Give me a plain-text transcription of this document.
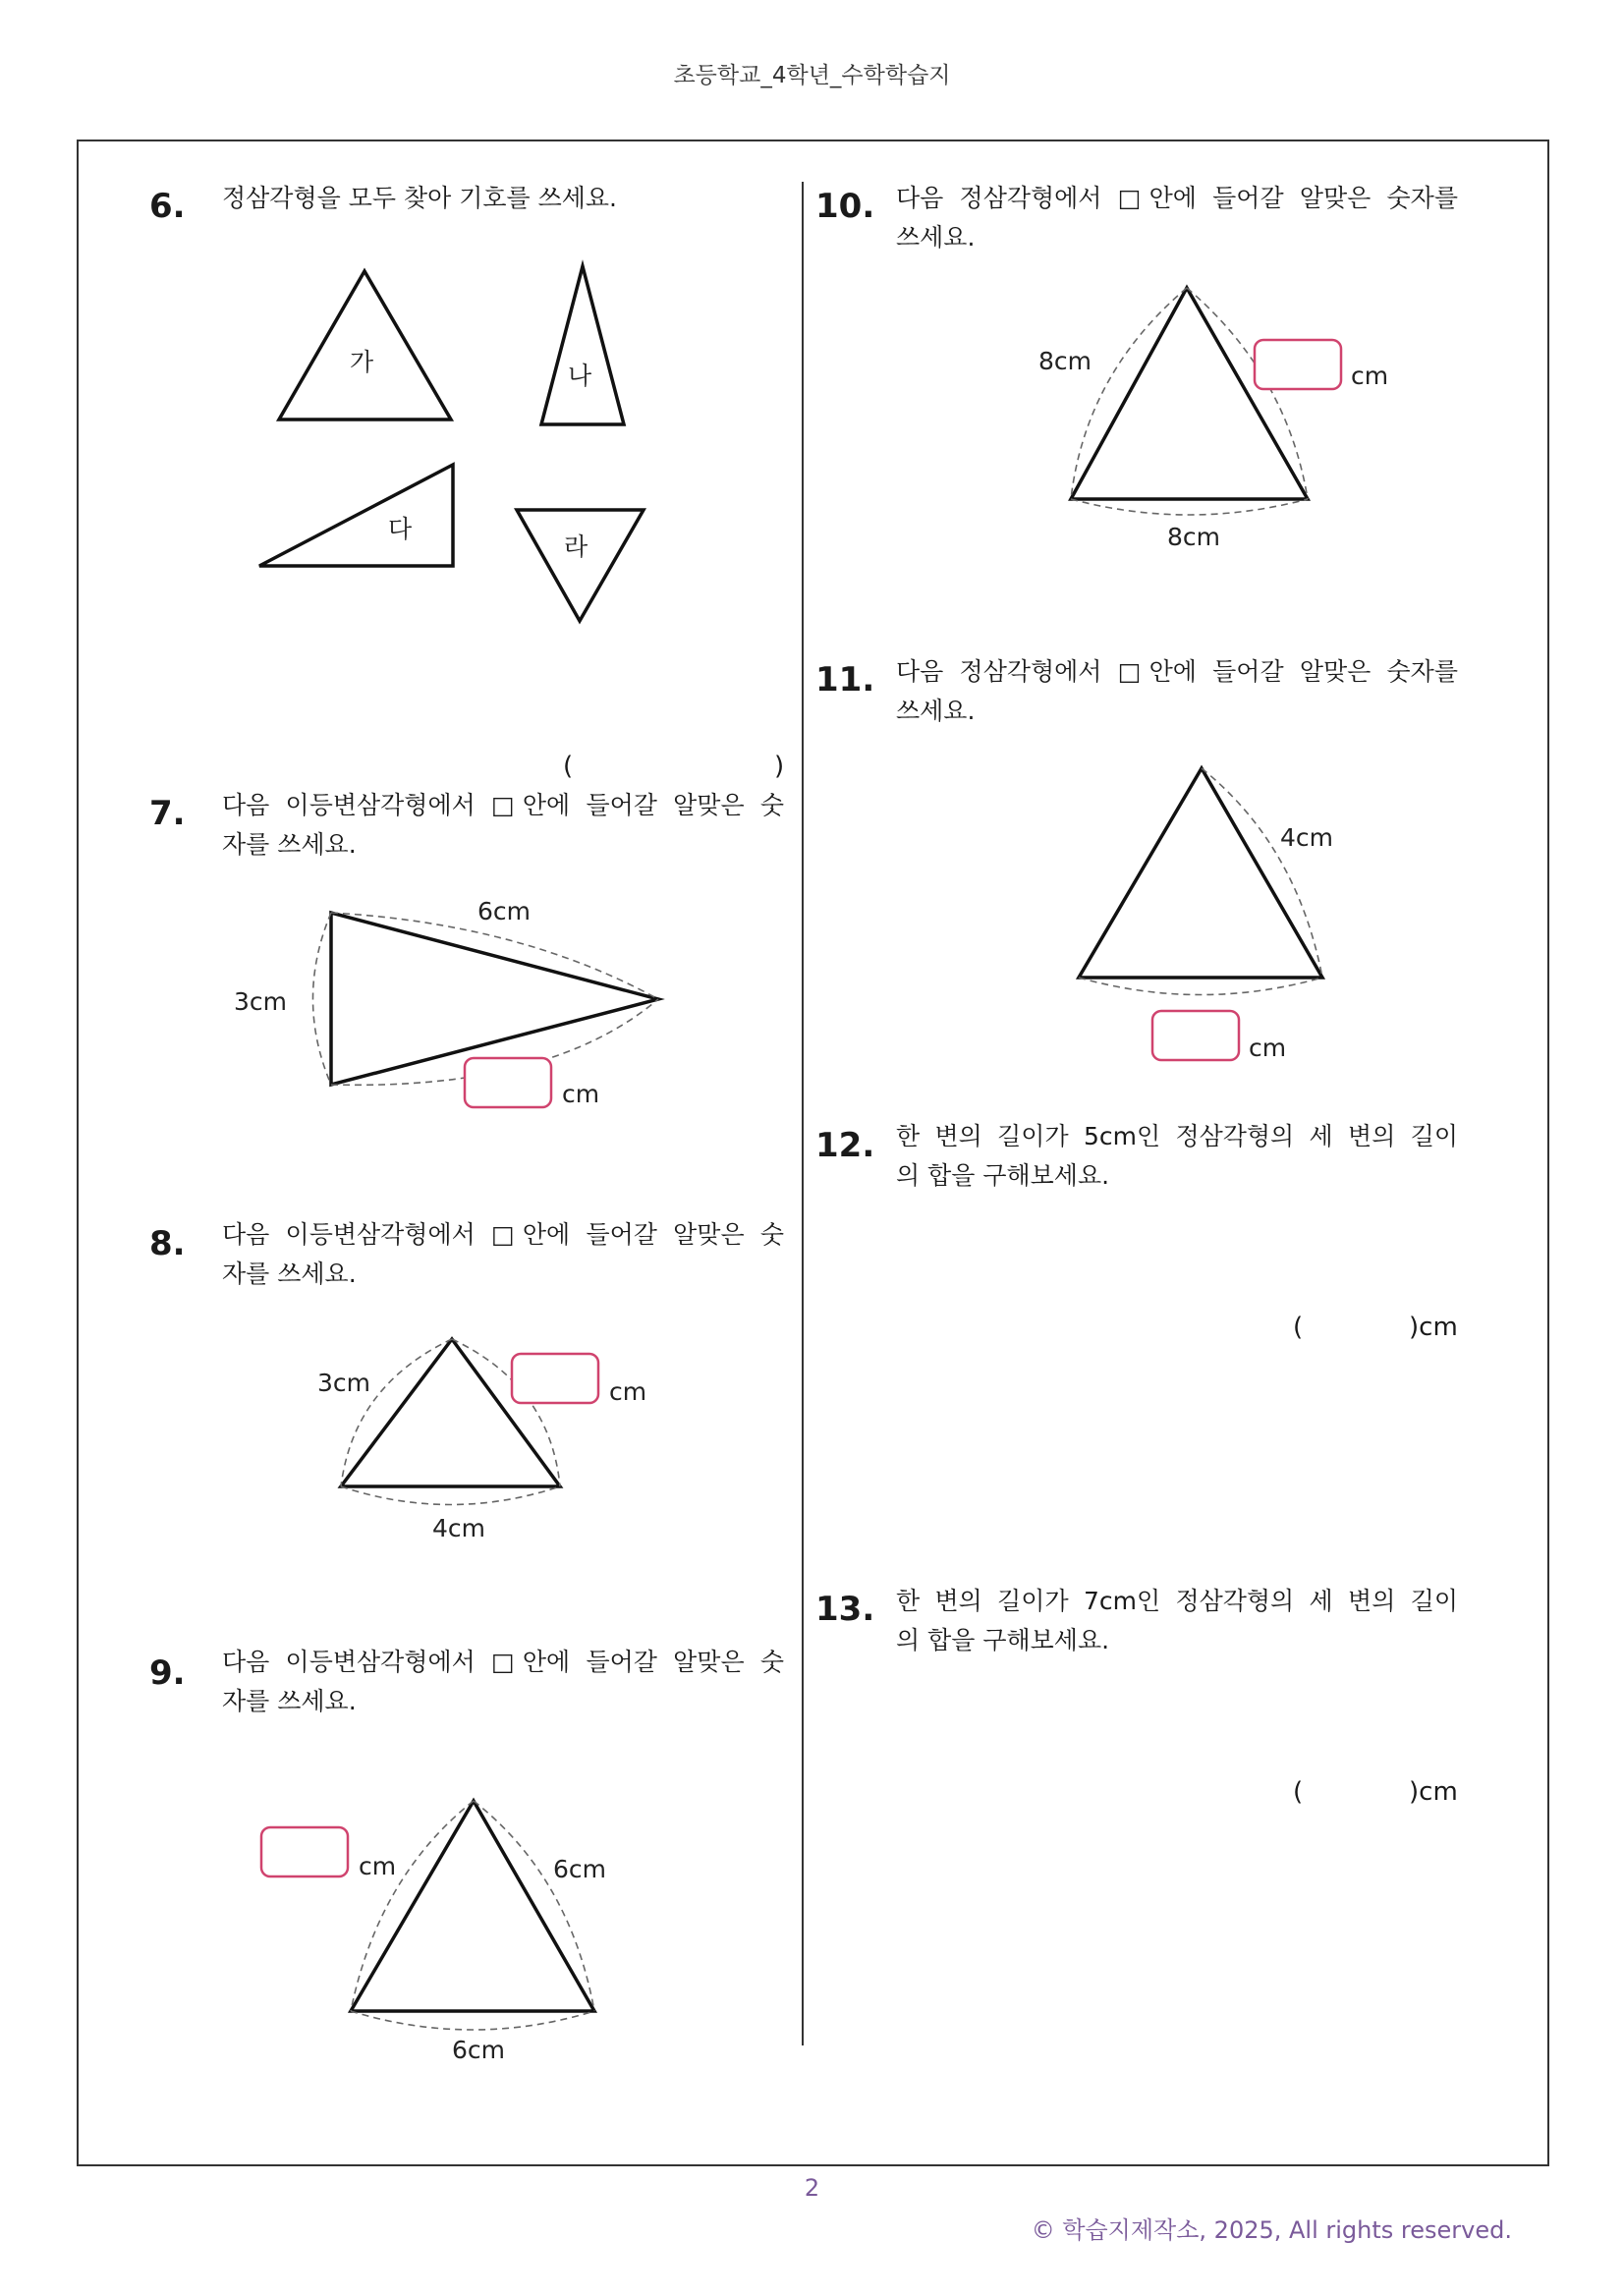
초등학교_4학년_수학학습지
6.
7.
8.
9.
10.
11.
12.
13.
정삼각형을 모두 찾아 기호를 쓰세요.
다음 이등변삼각형에서 □안에 들어갈 알맞은 숫
자를 쓰세요.
다음 이등변삼각형에서 □안에 들어갈 알맞은 숫
자를 쓰세요.
다음 이등변삼각형에서 □안에 들어갈 알맞은 숫
자를 쓰세요.
다음 정삼각형에서 □안에 들어갈 알맞은 숫자를
쓰세요.
다음 정삼각형에서 □안에 들어갈 알맞은 숫자를
쓰세요.
한 변의 길이가 5cm인 정삼각형의 세 변의 길이
의 합을 구해보세요.
한 변의 길이가 7cm인 정삼각형의 세 변의 길이
의 합을 구해보세요.
가	나
다
라
(	)
6cm
3cm
cm
3cm	cm
4cm
cm	6cm
6cm
8cm
cm
8cm
4cm
cm
(	)cm
(	)cm
2
© 학습지제작소, 2025, All rights reserved.
